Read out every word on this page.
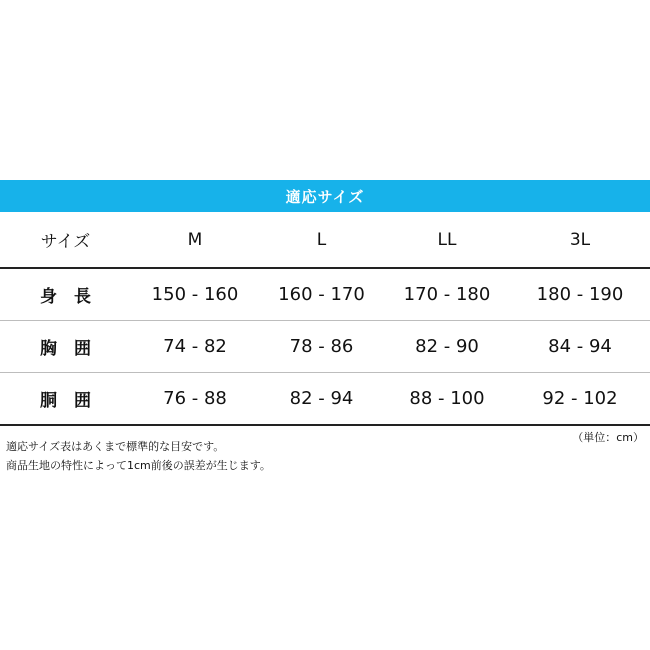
適応サイズ
サイズ	M	L	LL	3L
身　長	150 - 160	160 - 170	170 - 180	180 - 190
胸　囲	74 - 82	78 - 86	82 - 90	84 - 94
胴　囲	76 - 88	82 - 94	88 - 100	92 - 102
（単位：cm）
適応サイズ表はあくまで標準的な目安です。
商品生地の特性によって1cm前後の誤差が生じます。
